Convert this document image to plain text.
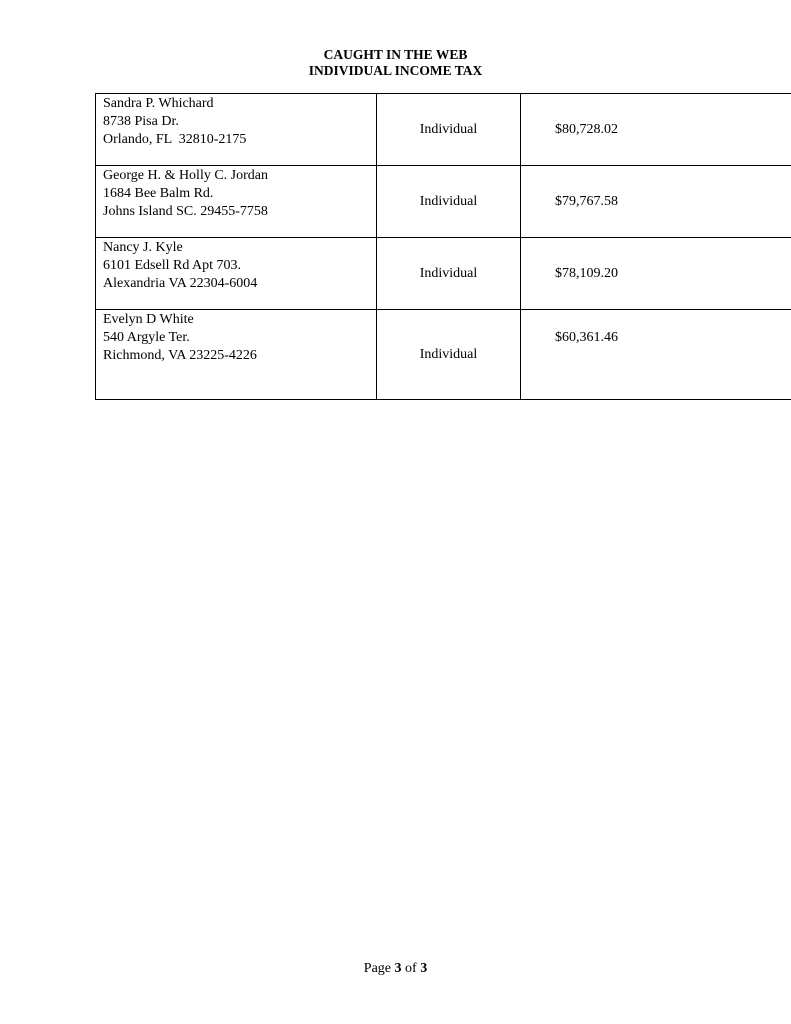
CAUGHT IN THE WEB
INDIVIDUAL INCOME TAX
Sandra P. Whichard
8738 Pisa Dr.
Orlando, FL  32810-2175	Individual	$80,728.02

George H. & Holly C. Jordan
1684 Bee Balm Rd.
Johns Island SC. 29455-7758	Individual	$79,767.58

Nancy J. Kyle
6101 Edsell Rd Apt 703.
Alexandria VA 22304-6004	Individual	$78,109.20

Evelyn D White
540 Argyle Ter.
Richmond, VA 23225-4226	Individual	$60,361.46
Page 3 of 3
